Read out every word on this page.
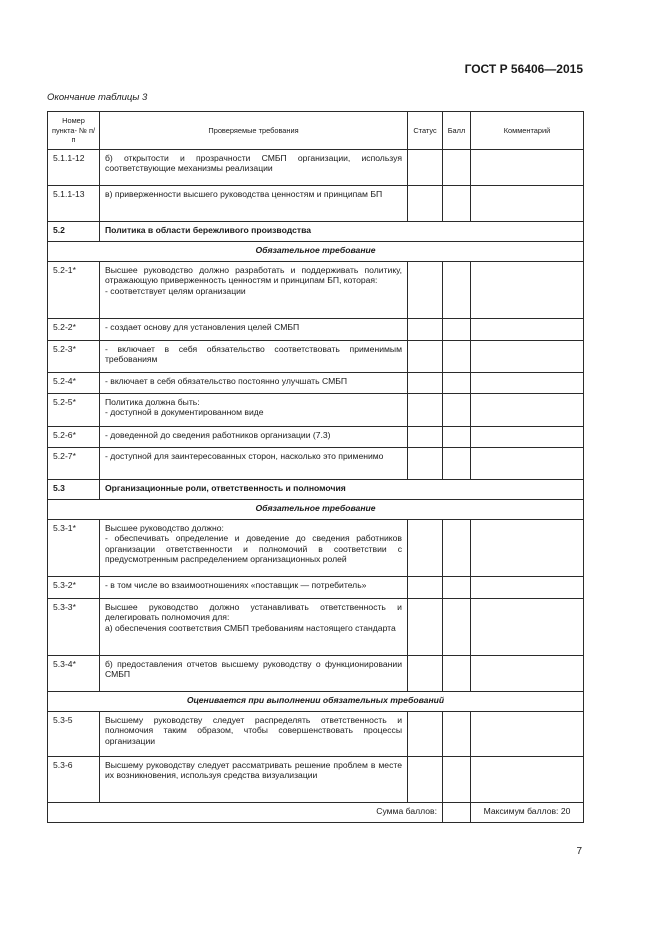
ГОСТ Р 56406—2015
Окончание таблицы 3
Номер пункта- № п/п	Проверяемые требования	Статус	Балл	Комментарий
5.1.1-12	б) открытости и прозрачности СМБП организации, используя соответствующие механизмы реализации			
5.1.1-13	в) приверженности высшего руководства ценностям и принципам БП			
5.2	Политика в области бережливого производства			
Обязательное требование				
5.2-1*	Высшее руководство должно разработать и поддерживать политику, отражающую приверженность ценностям и принципам БП, которая:
- соответствует целям организации			
5.2-2*	- создает основу для установления целей СМБП			
5.2-3*	- включает в себя обязательство соответствовать применимым требованиям			
5.2-4*	- включает в себя обязательство постоянно улучшать СМБП			
5.2-5*	Политика должна быть:
- доступной в документированном виде			
5.2-6*	- доведенной до сведения работников организации (7.3)			
5.2-7*	- доступной для заинтересованных сторон, насколько это применимо			
5.3	Организационные роли, ответственность и полномочия			
Обязательное требование				
5.3-1*	Высшее руководство должно:
- обеспечивать определение и доведение до сведения работников организации ответственности и полномочий в соответствии с предусмотренным распределением организационных ролей			
5.3-2*	- в том числе во взаимоотношениях «поставщик — потребитель»			
5.3-3*	Высшее руководство должно устанавливать ответственность и делегировать полномочия для:
а) обеспечения соответствия СМБП требованиям настоящего стандарта			
5.3-4*	б) предоставления отчетов высшему руководству о функционировании СМБП			
Оценивается при выполнении обязательных требований				
5.3-5	Высшему руководству следует распределять ответственность и полномочия таким образом, чтобы совершенствовать процессы организации			
5.3-6	Высшему руководству следует рассматривать решение проблем в месте их возникновения, используя средства визуализации			
Сумма баллов:				Максимум баллов: 20
7
